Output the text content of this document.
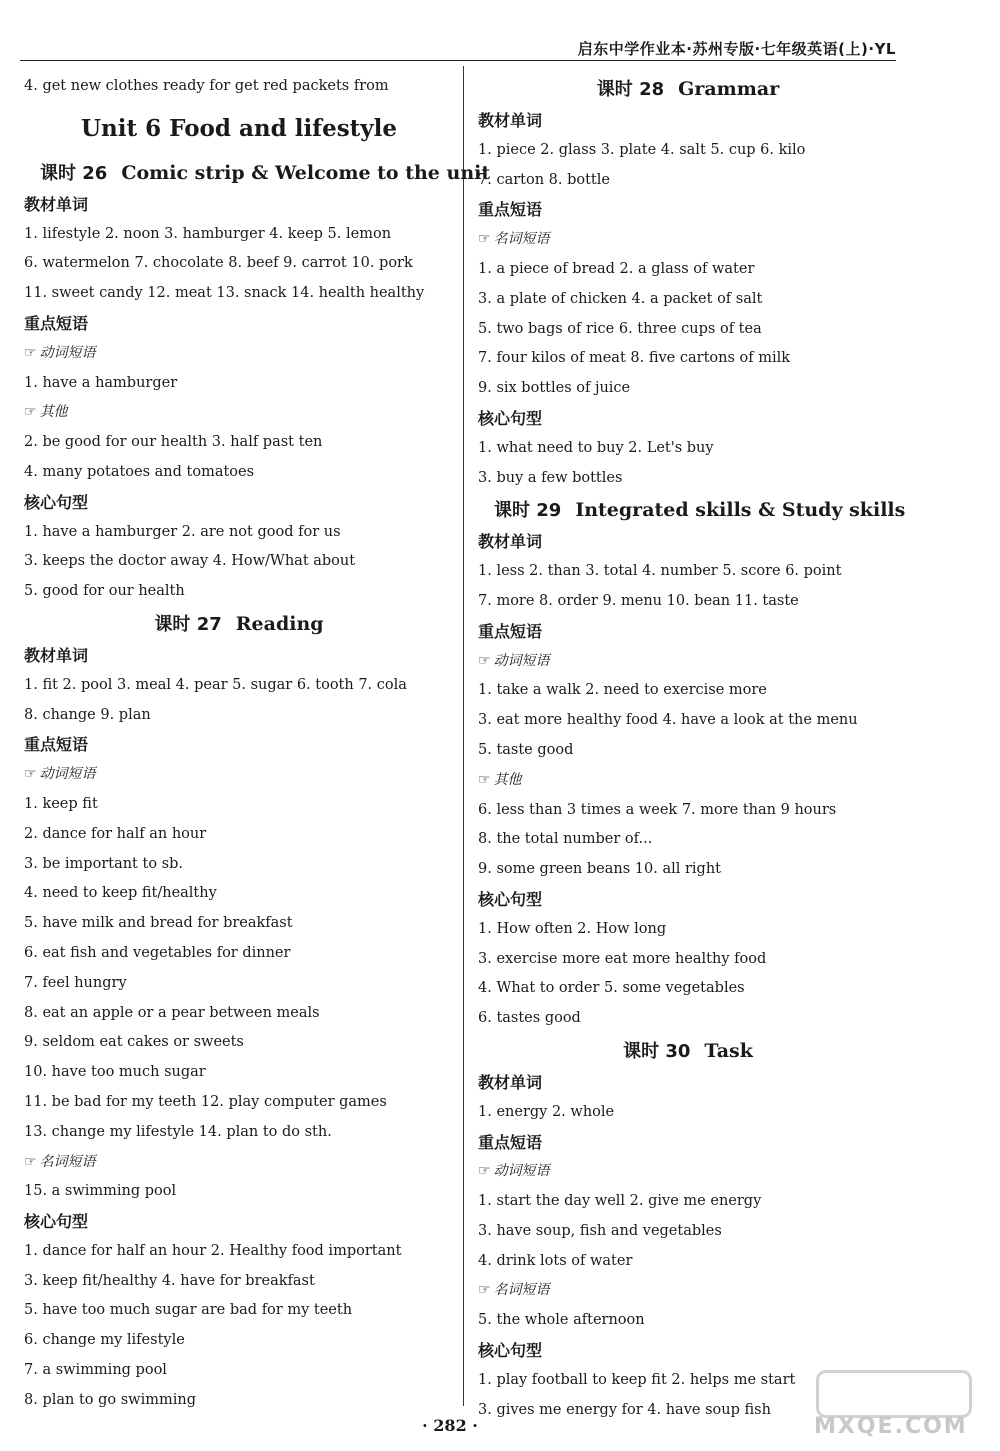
启东中学作业本·苏州专版·七年级英语(上)·YL
4. get new clothes ready for get red packets from
Unit 6 Food and lifestyle
课时 26 Comic strip & Welcome to the unit
教材单词
1. lifestyle 2. noon 3. hamburger 4. keep 5. lemon
6. watermelon 7. chocolate 8. beef 9. carrot 10. pork
11. sweet candy 12. meat 13. snack 14. health healthy
重点短语
☞ 动词短语
1. have a hamburger
☞ 其他
2. be good for our health 3. half past ten
4. many potatoes and tomatoes
核心句型
1. have a hamburger 2. are not good for us
3. keeps the doctor away 4. How/What about
5. good for our health
课时 27 Reading
教材单词
1. fit 2. pool 3. meal 4. pear 5. sugar 6. tooth 7. cola
8. change 9. plan
重点短语
☞ 动词短语
1. keep fit
2. dance for half an hour
3. be important to sb.
4. need to keep fit/healthy
5. have milk and bread for breakfast
6. eat fish and vegetables for dinner
7. feel hungry
8. eat an apple or a pear between meals
9. seldom eat cakes or sweets
10. have too much sugar
11. be bad for my teeth 12. play computer games
13. change my lifestyle 14. plan to do sth.
☞ 名词短语
15. a swimming pool
核心句型
1. dance for half an hour 2. Healthy food important
3. keep fit/healthy 4. have for breakfast
5. have too much sugar are bad for my teeth
6. change my lifestyle
7. a swimming pool
8. plan to go swimming
课时 28 Grammar
教材单词
1. piece 2. glass 3. plate 4. salt 5. cup 6. kilo
7. carton 8. bottle
重点短语
☞ 名词短语
1. a piece of bread 2. a glass of water
3. a plate of chicken 4. a packet of salt
5. two bags of rice 6. three cups of tea
7. four kilos of meat 8. five cartons of milk
9. six bottles of juice
核心句型
1. what need to buy 2. Let's buy
3. buy a few bottles
课时 29 Integrated skills & Study skills
教材单词
1. less 2. than 3. total 4. number 5. score 6. point
7. more 8. order 9. menu 10. bean 11. taste
重点短语
☞ 动词短语
1. take a walk 2. need to exercise more
3. eat more healthy food 4. have a look at the menu
5. taste good
☞ 其他
6. less than 3 times a week 7. more than 9 hours
8. the total number of...
9. some green beans 10. all right
核心句型
1. How often 2. How long
3. exercise more eat more healthy food
4. What to order 5. some vegetables
6. tastes good
课时 30 Task
教材单词
1. energy 2. whole
重点短语
☞ 动词短语
1. start the day well 2. give me energy
3. have soup, fish and vegetables
4. drink lots of water
☞ 名词短语
5. the whole afternoon
核心句型
1. play football to keep fit 2. helps me start
3. gives me energy for 4. have soup fish
· 282 ·	MXQE.COM
